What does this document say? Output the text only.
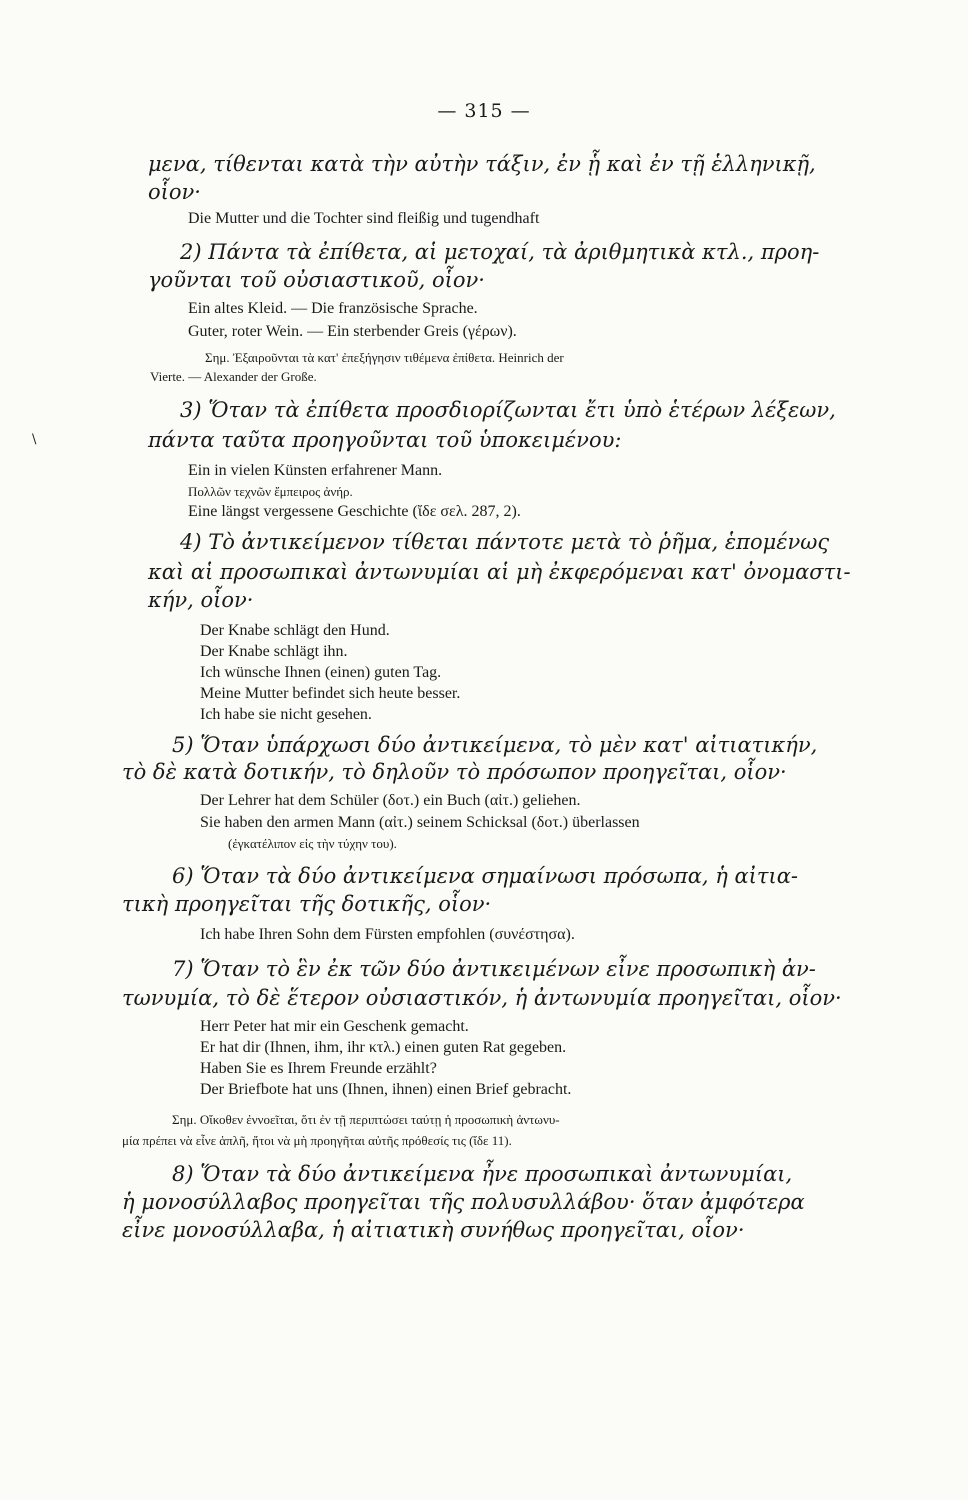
— 315 —
\
μενα, τίθενται κατὰ τὴν αὐτὴν τάξιν, ἐν ᾗ καὶ ἐν τῇ ἑλληνικῇ,
οἷον·
Die Mutter und die Tochter sind fleißig und tugendhaft
2) Πάντα τὰ ἐπίθετα, αἱ μετοχαί, τὰ ἀριθμητικὰ κτλ., προη-
γοῦνται τοῦ οὐσιαστικοῦ, οἷον·
Ein altes Kleid. — Die französische Sprache.
Guter, roter Wein. — Ein sterbender Greis (γέρων).
Σημ. Ἐξαιροῦνται τὰ κατ' ἐπεξήγησιν τιθέμενα ἐπίθετα. Heinrich der
Vierte. — Alexander der Große.
3) Ὅταν τὰ ἐπίθετα προσδιορίζωνται ἔτι ὑπὸ ἑτέρων λέξεων,
πάντα ταῦτα προηγοῦνται τοῦ ὑποκειμένου:
Ein in vielen Künsten erfahrener Mann.
Πολλῶν τεχνῶν ἔμπειρος ἀνήρ.
Eine längst vergessene Geschichte (ἴδε σελ. 287, 2).
4) Τὸ ἀντικείμενον τίθεται πάντοτε μετὰ τὸ ῥῆμα, ἑπομένως
καὶ αἱ προσωπικαὶ ἀντωνυμίαι αἱ μὴ ἐκφερόμεναι κατ' ὀνομαστι-
κήν, οἷον·
Der Knabe schlägt den Hund.
Der Knabe schlägt ihn.
Ich wünsche Ihnen (einen) guten Tag.
Meine Mutter befindet sich heute besser.
Ich habe sie nicht gesehen.
5) Ὅταν ὑπάρχωσι δύο ἀντικείμενα, τὸ μὲν κατ' αἰτιατικήν,
τὸ δὲ κατὰ δοτικήν, τὸ δηλοῦν τὸ πρόσωπον προηγεῖται, οἷον·
Der Lehrer hat dem Schüler (δοτ.) ein Buch (αἰτ.) geliehen.
Sie haben den armen Mann (αἰτ.) seinem Schicksal (δοτ.) überlassen
(ἐγκατέλιπον εἰς τὴν τύχην του).
6) Ὅταν τὰ δύο ἀντικείμενα σημαίνωσι πρόσωπα, ἡ αἰτια-
τικὴ προηγεῖται τῆς δοτικῆς, οἷον·
Ich habe Ihren Sohn dem Fürsten empfohlen (συνέστησα).
7) Ὅταν τὸ ἓν ἐκ τῶν δύο ἀντικειμένων εἶνε προσωπικὴ ἀν-
τωνυμία, τὸ δὲ ἕτερον οὐσιαστικόν, ἡ ἀντωνυμία προηγεῖται, οἷον·
Herr Peter hat mir ein Geschenk gemacht.
Er hat dir (Ihnen, ihm, ihr κτλ.) einen guten Rat gegeben.
Haben Sie es Ihrem Freunde erzählt?
Der Briefbote hat uns (Ihnen, ihnen) einen Brief gebracht.
Σημ. Οἴκοθεν ἐννοεῖται, ὅτι ἐν τῇ περιπτώσει ταύτῃ ἡ προσωπικὴ ἀντωνυ-
μία πρέπει νὰ εἶνε ἁπλῆ, ἤτοι νὰ μὴ προηγῆται αὐτῆς πρόθεσίς τις (ἴδε 11).
8) Ὅταν τὰ δύο ἀντικείμενα ἦνε προσωπικαὶ ἀντωνυμίαι,
ἡ μονοσύλλαβος προηγεῖται τῆς πολυσυλλάβου· ὅταν ἀμφότερα
εἶνε μονοσύλλαβα, ἡ αἰτιατικὴ συνήθως προηγεῖται, οἷον·
